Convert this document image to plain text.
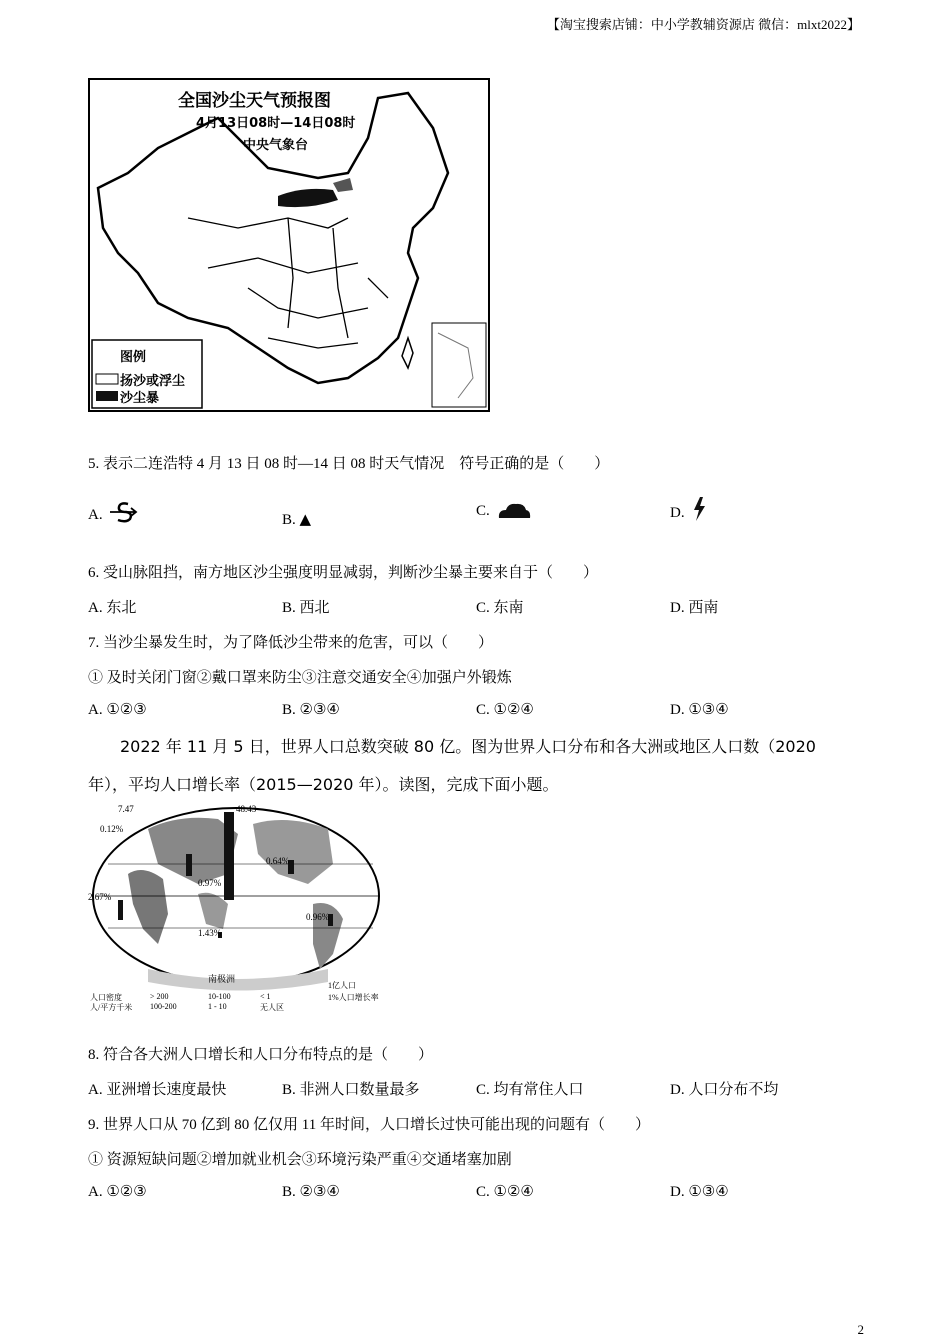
【淘宝搜索店铺：中小学教辅资源店 微信：mlxt2022】
全国沙尘天气预报图
4月13日08时—14日08时
中央气象台
图例
扬沙或浮尘
沙尘暴
5. 表示二连浩特 4 月 13 日 08 时—14 日 08 时天气情况　符号正确的是（　　）
A.	B. ▲	C.	D.
6. 受山脉阻挡，南方地区沙尘强度明显减弱，判断沙尘暴主要来自于（　　）
A. 东北	B. 西北	C. 东南	D. 西南
7. 当沙尘暴发生时，为了降低沙尘带来的危害，可以（　　）
① 及时关闭门窗②戴口罩来防尘③注意交通安全④加强户外锻炼
A. ①②③	B. ②③④	C. ①②④	D. ①③④
2022 年 11 月 5 日，世界人口总数突破 80 亿。图为世界人口分布和各大洲或地区人口数（2020
年），平均人口增长率（2015—2020 年）。读图，完成下面小题。
7.47	48.43
0.12%
0.64%
2.67%
0.96%
1.43%
0.97%
南极洲
人口密度
人/平方千米
> 200
100-200
10-100
1 - 10
< 1
无人区
1亿人口
1%人口增长率
8. 符合各大洲人口增长和人口分布特点的是（　　）
A. 亚洲增长速度最快	B. 非洲人口数量最多	C. 均有常住人口	D. 人口分布不均
9. 世界人口从 70 亿到 80 亿仅用 11 年时间，人口增长过快可能出现的问题有（　　）
① 资源短缺问题②增加就业机会③环境污染严重④交通堵塞加剧
A. ①②③	B. ②③④	C. ①②④	D. ①③④
2
